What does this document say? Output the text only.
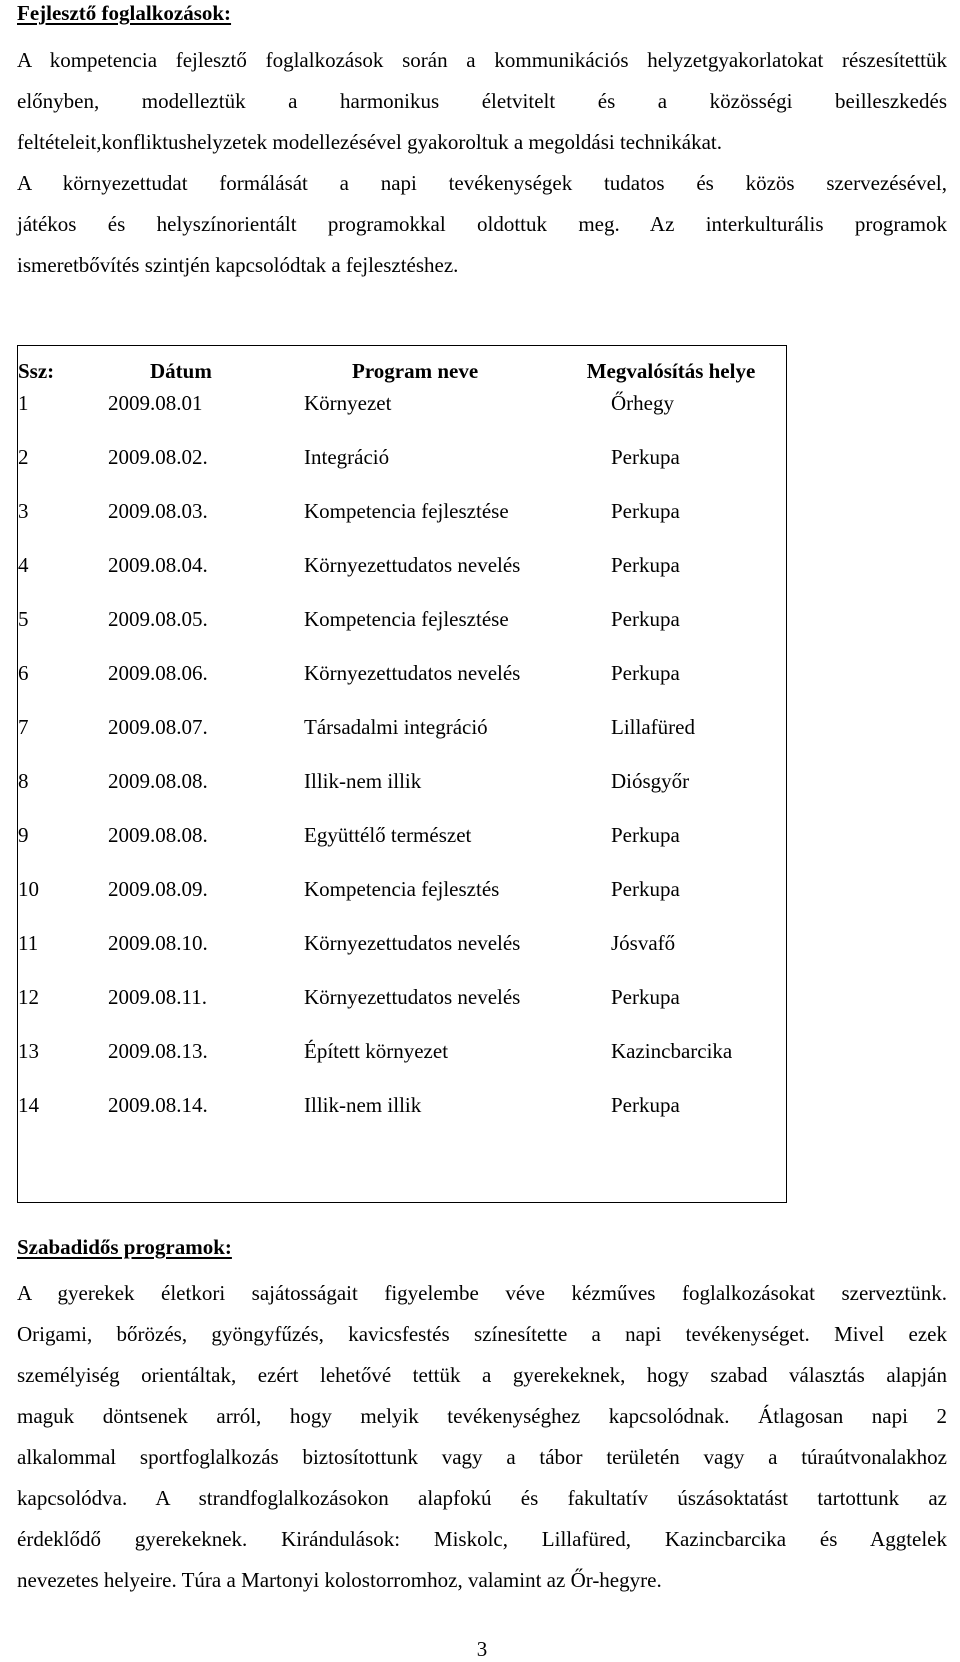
Fejlesztő foglalkozások:
A kompetencia fejlesztő foglalkozások során a kommunikációs helyzetgyakorlatokat részesítettük
előnyben, modelleztük a harmonikus életvitelt és a közösségi beilleszkedés
feltételeit,konfliktushelyzetek modellezésével gyakoroltuk a megoldási technikákat.
A környezettudat formálását a napi tevékenységek tudatos és közös szervezésével,
játékos és helyszínorientált programokkal oldottuk meg. Az interkulturális programok
ismeretbővítés szintjén kapcsolódtak a fejlesztéshez.
Ssz:	Dátum	Program neve	Megvalósítás helye
1	2009.08.01	Környezet	Őrhegy
2	2009.08.02.	Integráció	Perkupa
3	2009.08.03.	Kompetencia fejlesztése	Perkupa
4	2009.08.04.	Környezettudatos nevelés	Perkupa
5	2009.08.05.	Kompetencia fejlesztése	Perkupa
6	2009.08.06.	Környezettudatos nevelés	Perkupa
7	2009.08.07.	Társadalmi integráció	Lillafüred
8	2009.08.08.	Illik-nem illik	Diósgyőr
9	2009.08.08.	Együttélő természet	Perkupa
10	2009.08.09.	Kompetencia fejlesztés	Perkupa
11	2009.08.10.	Környezettudatos nevelés	Jósvafő
12	2009.08.11.	Környezettudatos nevelés	Perkupa
13	2009.08.13.	Épített környezet	Kazincbarcika
14	2009.08.14.	Illik-nem illik	Perkupa
Szabadidős programok:
A gyerekek életkori sajátosságait figyelembe véve kézműves foglalkozásokat szerveztünk.
Origami, bőrözés, gyöngyfűzés, kavicsfestés színesítette a napi tevékenységet. Mivel ezek
személyiség orientáltak, ezért lehetővé tettük a gyerekeknek, hogy szabad választás alapján
maguk döntsenek arról, hogy melyik tevékenységhez kapcsolódnak. Átlagosan napi 2
alkalommal sportfoglalkozás biztosítottunk vagy a tábor területén vagy a túraútvonalakhoz
kapcsolódva. A strandfoglalkozásokon alapfokú és fakultatív úszásoktatást tartottunk az
érdeklődő gyerekeknek. Kirándulások: Miskolc, Lillafüred, Kazincbarcika és Aggtelek
nevezetes helyeire. Túra a Martonyi kolostorromhoz, valamint az Őr-hegyre.
3
